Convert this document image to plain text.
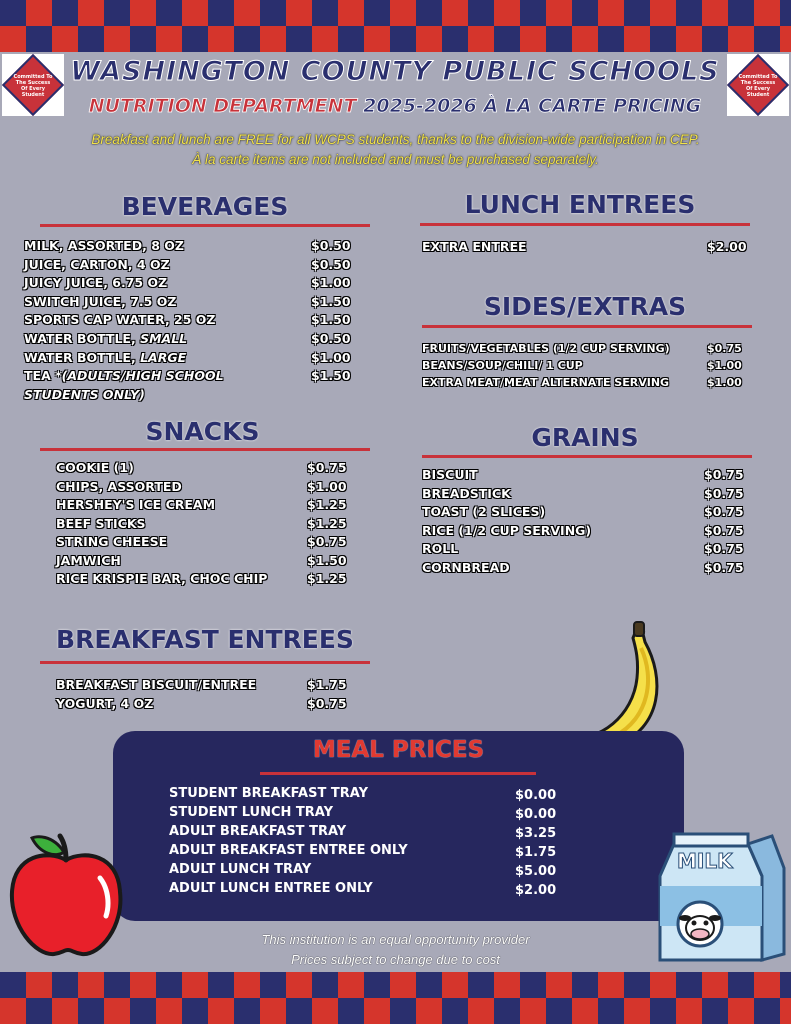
Committed To The Success Of Every Student
Committed To The Success Of Every Student
WASHINGTON COUNTY PUBLIC SCHOOLS
NUTRITION DEPARTMENT 2025-2026 À LA CARTE PRICING
Breakfast and lunch are FREE for all WCPS students, thanks to the division-wide participation in CEP.
À la carte items are not included and must be purchased separately.
BEVERAGES
MILK, ASSORTED, 8 OZ	$0.50
JUICE, CARTON, 4 OZ	$0.50
JUICY JUICE, 6.75 OZ	$1.00
SWITCH JUICE, 7.5 OZ	$1.50
SPORTS CAP WATER, 25 OZ	$1.50
WATER BOTTLE, SMALL	$0.50
WATER BOTTLE, LARGE	$1.00
TEA *(ADULTS/HIGH SCHOOL	$1.50
STUDENTS ONLY)
SNACKS
COOKIE (1)	$0.75
CHIPS, ASSORTED	$1.00
HERSHEY'S ICE CREAM	$1.25
BEEF STICKS	$1.25
STRING CHEESE	$0.75
JAMWICH	$1.50
RICE KRISPIE BAR, CHOC CHIP	$1.25
BREAKFAST ENTREES
BREAKFAST BISCUIT/ENTREE	$1.75
YOGURT, 4 OZ	$0.75
LUNCH ENTREES
EXTRA ENTREE	$2.00
SIDES/EXTRAS
FRUITS/VEGETABLES (1/2 CUP SERVING)	$0.75
BEANS/SOUP/CHILI/ 1 CUP	$1.00
EXTRA MEAT/MEAT ALTERNATE SERVING	$1.00
GRAINS
BISCUIT	$0.75
BREADSTICK	$0.75
TOAST (2 SLICES)	$0.75
RICE (1/2 CUP SERVING)	$0.75
ROLL	$0.75
CORNBREAD	$0.75
MEAL PRICES
STUDENT BREAKFAST TRAY	$0.00
STUDENT LUNCH TRAY	$0.00
ADULT BREAKFAST TRAY	$3.25
ADULT BREAKFAST ENTREE ONLY	$1.75
ADULT LUNCH TRAY	$5.00
ADULT LUNCH ENTREE ONLY	$2.00
MILK
This institution is an equal opportunity provider
Prices subject to change due to cost
